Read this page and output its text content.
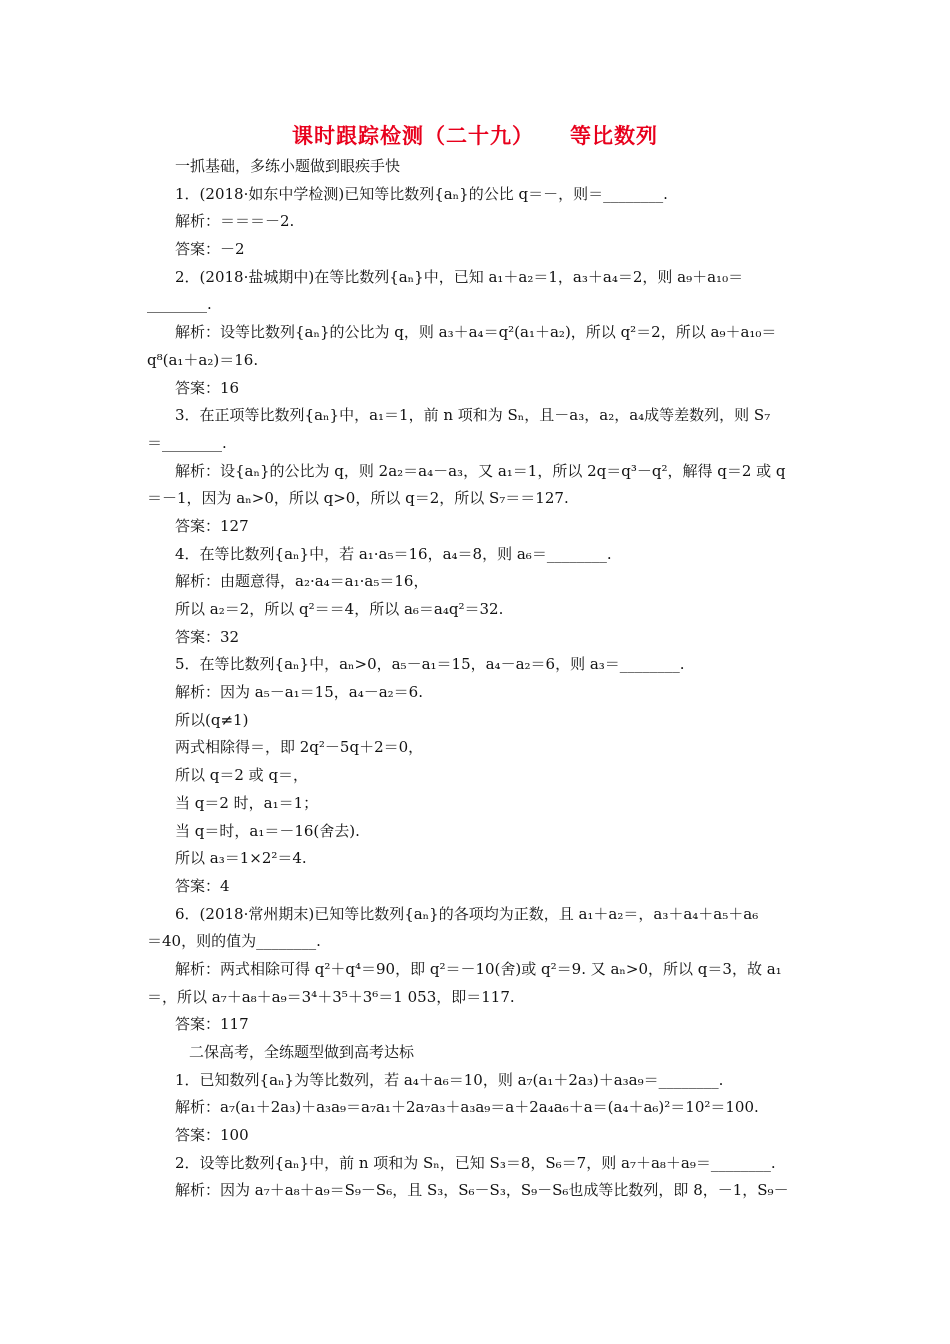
课时跟踪检测（二十九） 等比数列
一抓基础，多练小题做到眼疾手快
1．(2018·如东中学检测)已知等比数列{aₙ}的公比 q＝－，则＝________.
解析：＝＝＝－2.
答案：－2
2．(2018·盐城期中)在等比数列{aₙ}中，已知 a₁＋a₂＝1，a₃＋a₄＝2，则 a₉＋a₁₀＝
________.
解析：设等比数列{aₙ}的公比为 q，则 a₃＋a₄＝q²(a₁＋a₂)，所以 q²＝2，所以 a₉＋a₁₀＝
q⁸(a₁＋a₂)＝16.
答案：16
3．在正项等比数列{aₙ}中，a₁＝1，前 n 项和为 Sₙ，且－a₃，a₂，a₄成等差数列，则 S₇
＝________.
解析：设{aₙ}的公比为 q，则 2a₂＝a₄－a₃，又 a₁＝1，所以 2q＝q³－q²，解得 q＝2 或 q
＝－1，因为 aₙ>0，所以 q>0，所以 q＝2，所以 S₇＝＝127.
答案：127
4．在等比数列{aₙ}中，若 a₁·a₅＝16，a₄＝8，则 a₆＝________.
解析：由题意得，a₂·a₄＝a₁·a₅＝16，
所以 a₂＝2，所以 q²＝＝4，所以 a₆＝a₄q²＝32.
答案：32
5．在等比数列{aₙ}中，aₙ>0，a₅－a₁＝15，a₄－a₂＝6，则 a₃＝________.
解析：因为 a₅－a₁＝15，a₄－a₂＝6.
所以(q≠1)
两式相除得＝，即 2q²－5q＋2＝0，
所以 q＝2 或 q＝，
当 q＝2 时，a₁＝1；
当 q＝时，a₁＝－16(舍去).
所以 a₃＝1×2²＝4.
答案：4
6．(2018·常州期末)已知等比数列{aₙ}的各项均为正数，且 a₁＋a₂＝，a₃＋a₄＋a₅＋a₆
＝40，则的值为________.
解析：两式相除可得 q²＋q⁴＝90，即 q²＝－10(舍)或 q²＝9. 又 aₙ>0，所以 q＝3，故 a₁
＝，所以 a₇＋a₈＋a₉＝3⁴＋3⁵＋3⁶＝1 053，即＝117.
答案：117
二保高考，全练题型做到高考达标
1．已知数列{aₙ}为等比数列，若 a₄＋a₆＝10，则 a₇(a₁＋2a₃)＋a₃a₉＝________.
解析：a₇(a₁＋2a₃)＋a₃a₉＝a₇a₁＋2a₇a₃＋a₃a₉＝a＋2a₄a₆＋a＝(a₄＋a₆)²＝10²＝100.
答案：100
2．设等比数列{aₙ}中，前 n 项和为 Sₙ，已知 S₃＝8，S₆＝7，则 a₇＋a₈＋a₉＝________.
解析：因为 a₇＋a₈＋a₉＝S₉－S₆，且 S₃，S₆－S₃，S₉－S₆也成等比数列，即 8，－1，S₉－
